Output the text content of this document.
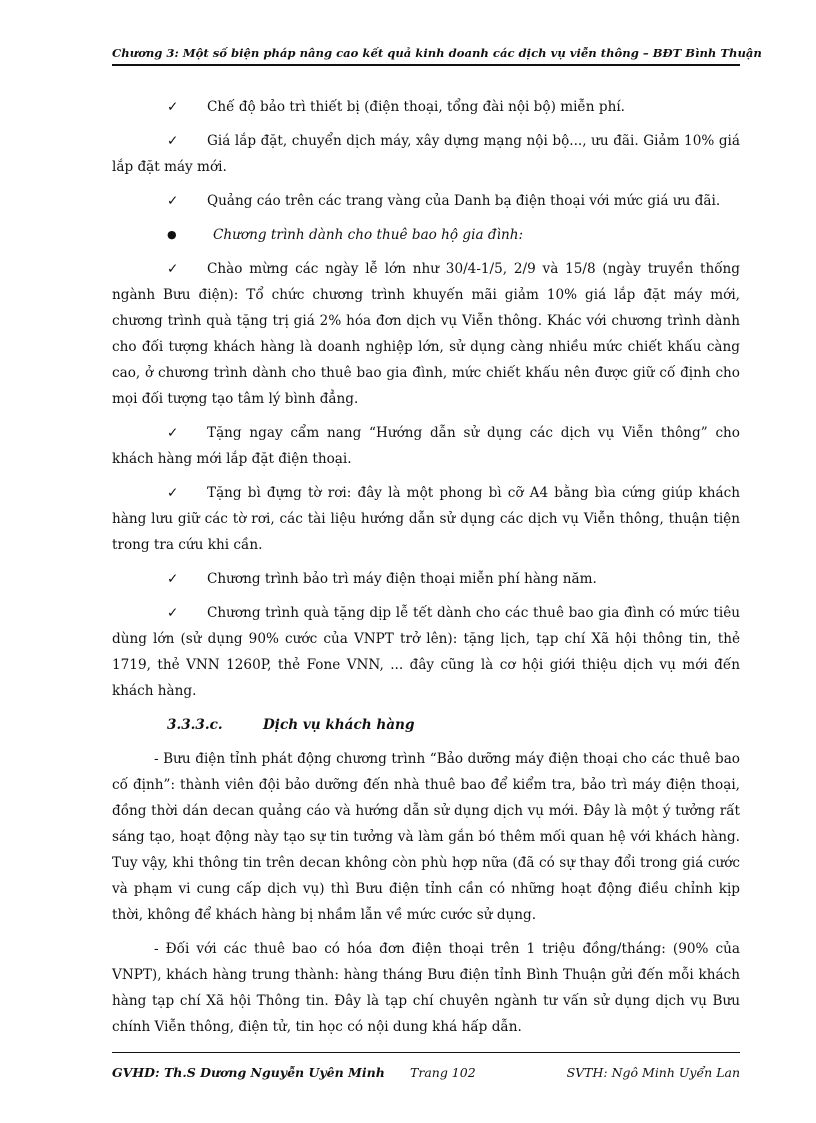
Chương 3: Một số biện pháp nâng cao kết quả kinh doanh các dịch vụ viễn thông – BĐT Bình Thuận

✓ Chế độ bảo trì thiết bị (điện thoại, tổng đài nội bộ) miễn phí.

✓ Giá lắp đặt, chuyển dịch máy, xây dựng mạng nội bộ..., ưu đãi. Giảm 10% giá lắp đặt máy mới.

✓ Quảng cáo trên các trang vàng của Danh bạ điện thoại với mức giá ưu đãi.

●	Chương trình dành cho thuê bao hộ gia đình:

✓ Chào mừng các ngày lễ lớn như 30/4-1/5, 2/9 và 15/8 (ngày truyền thống ngành Bưu điện): Tổ chức chương trình khuyến mãi giảm 10% giá lắp đặt máy mới, chương trình quà tặng trị giá 2% hóa đơn dịch vụ Viễn thông. Khác với chương trình dành cho đối tượng khách hàng là doanh nghiệp lớn, sử dụng càng nhiều mức chiết khấu càng cao, ở chương trình dành cho thuê bao gia đình, mức chiết khấu nên được giữ cố định cho mọi đối tượng tạo tâm lý bình đẳng.

✓ Tặng ngay cẩm nang “Hướng dẫn sử dụng các dịch vụ Viễn thông” cho khách hàng mới lắp đặt điện thoại.

✓ Tặng bì đựng tờ rơi: đây là một phong bì cỡ A4 bằng bìa cứng giúp khách hàng lưu giữ các tờ rơi, các tài liệu hướng dẫn sử dụng các dịch vụ Viễn thông, thuận tiện trong tra cứu khi cần.

✓ Chương trình bảo trì máy điện thoại miễn phí hàng năm.

✓ Chương trình quà tặng dịp lễ tết dành cho các thuê bao gia đình có mức tiêu dùng lớn (sử dụng 90% cước của VNPT trở lên): tặng lịch, tạp chí Xã hội thông tin, thẻ 1719, thẻ VNN 1260P, thẻ Fone VNN, ... đây cũng là cơ hội giới thiệu dịch vụ mới đến khách hàng.

3.3.3.c.	Dịch vụ khách hàng

- Bưu điện tỉnh phát động chương trình “Bảo dưỡng máy điện thoại cho các thuê bao cố định”: thành viên đội bảo dưỡng đến nhà thuê bao để kiểm tra, bảo trì máy điện thoại, đồng thời dán decan quảng cáo và hướng dẫn sử dụng dịch vụ mới. Đây là một ý tưởng rất sáng tạo, hoạt động này tạo sự tin tưởng và làm gắn bó thêm mối quan hệ với khách hàng. Tuy vậy, khi thông tin trên decan không còn phù hợp nữa (đã có sự thay đổi trong giá cước và phạm vi cung cấp dịch vụ) thì Bưu điện tỉnh cần có những hoạt động điều chỉnh kịp thời, không để khách hàng bị nhầm lẫn về mức cước sử dụng.

- Đối với các thuê bao có hóa đơn điện thoại trên 1 triệu đồng/tháng: (90% của VNPT), khách hàng trung thành: hàng tháng Bưu điện tỉnh Bình Thuận gửi đến mỗi khách hàng tạp chí Xã hội Thông tin. Đây là tạp chí chuyên ngành tư vấn sử dụng dịch vụ Bưu chính Viễn thông, điện tử, tin học có nội dung khá hấp dẫn.

GVHD: Th.S Dương Nguyễn Uyên Minh Trang 102	SVTH: Ngô Minh Uyển Lan
